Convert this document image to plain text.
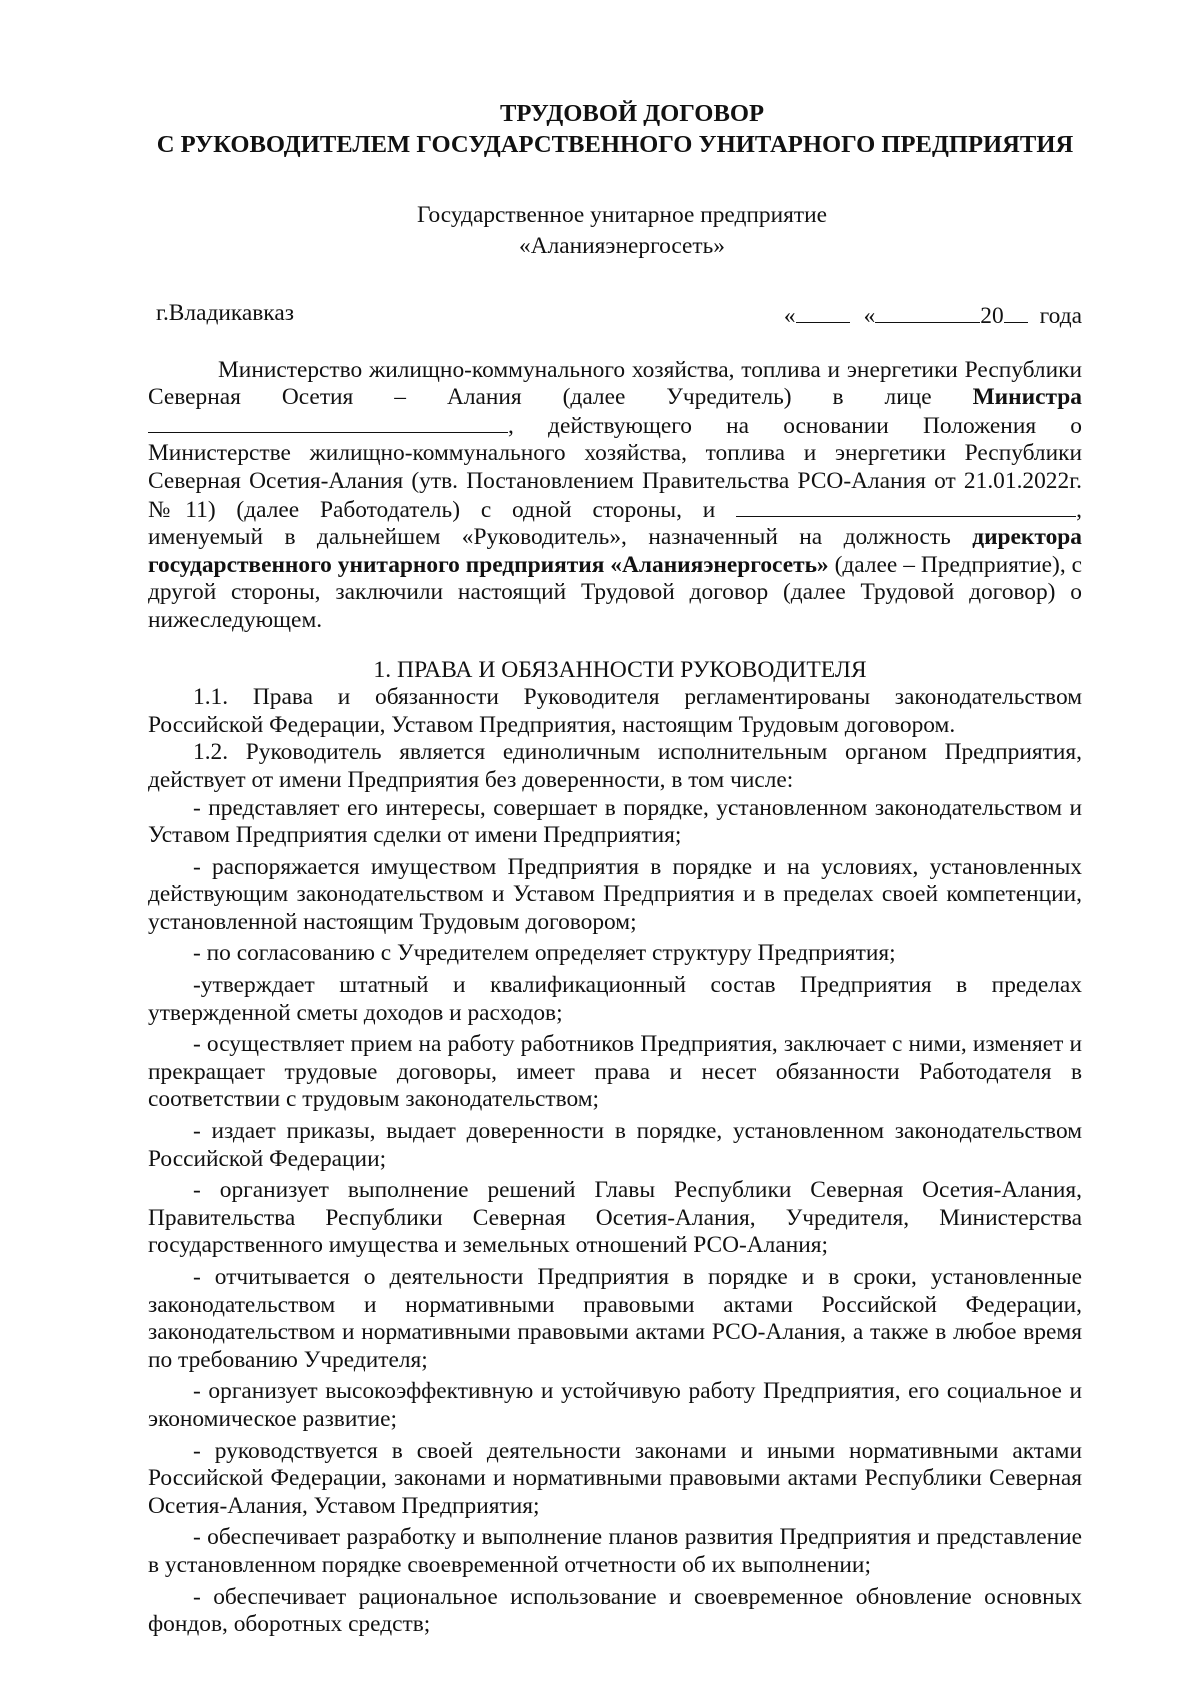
ТРУДОВОЙ ДОГОВОР
С РУКОВОДИТЕЛЕМ ГОСУДАРСТВЕННОГО УНИТАРНОГО ПРЕДПРИЯТИЯ
Государственное унитарное предприятие
«Аланияэнергосеть»
г.Владикавказ	«	«	20 года

Министерство жилищно-коммунального хозяйства, топлива и энергетики Республики Северная Осетия – Алания (далее Учредитель) в лице Министра , действующего на основании Положения о Министерстве жилищно-коммунального хозяйства, топлива и энергетики Республики Северная Осетия-Алания (утв. Постановлением Правительства РСО-Алания от 21.01.2022г. №11) (далее Работодатель) с одной стороны, и	, именуемый в дальнейшем «Руководитель», назначенный на должность директора государственного унитарного предприятия «Аланияэнергосеть» (далее – Предприятие), с другой стороны, заключили настоящий Трудовой договор (далее Трудовой договор) о нижеследующем.

1. ПРАВА И ОБЯЗАННОСТИ РУКОВОДИТЕЛЯ

1.1. Права и обязанности Руководителя регламентированы законодательством Российской Федерации, Уставом Предприятия, настоящим Трудовым договором.

1.2. Руководитель является единоличным исполнительным органом Предприятия, действует от имени Предприятия без доверенности, в том числе:

- представляет его интересы, совершает в порядке, установленном законодательством и Уставом Предприятия сделки от имени Предприятия;

- распоряжается имуществом Предприятия в порядке и на условиях, установленных действующим законодательством и Уставом Предприятия и в пределах своей компетенции, установленной настоящим Трудовым договором;

- по согласованию с Учредителем определяет структуру Предприятия;

-утверждает штатный и квалификационный состав Предприятия в пределах утвержденной сметы доходов и расходов;

- осуществляет прием на работу работников Предприятия, заключает с ними, изменяет и прекращает трудовые договоры, имеет права и несет обязанности Работодателя в соответствии с трудовым законодательством;

- издает приказы, выдает доверенности в порядке, установленном законодательством Российской Федерации;

- организует выполнение решений Главы Республики Северная Осетия-Алания, Правительства Республики Северная Осетия-Алания, Учредителя, Министерства государственного имущества и земельных отношений РСО-Алания;

- отчитывается о деятельности Предприятия в порядке и в сроки, установленные законодательством и нормативными правовыми актами Российской Федерации, законодательством и нормативными правовыми актами РСО-Алания, а также в любое время по требованию Учредителя;

- организует высокоэффективную и устойчивую работу Предприятия, его социальное и экономическое развитие;

- руководствуется в своей деятельности законами и иными нормативными актами Российской Федерации, законами и нормативными правовыми актами Республики Северная Осетия-Алания, Уставом Предприятия;

- обеспечивает разработку и выполнение планов развития Предприятия и представление в установленном порядке своевременной отчетности об их выполнении;

- обеспечивает рациональное использование и своевременное обновление основных фондов, оборотных средств;
